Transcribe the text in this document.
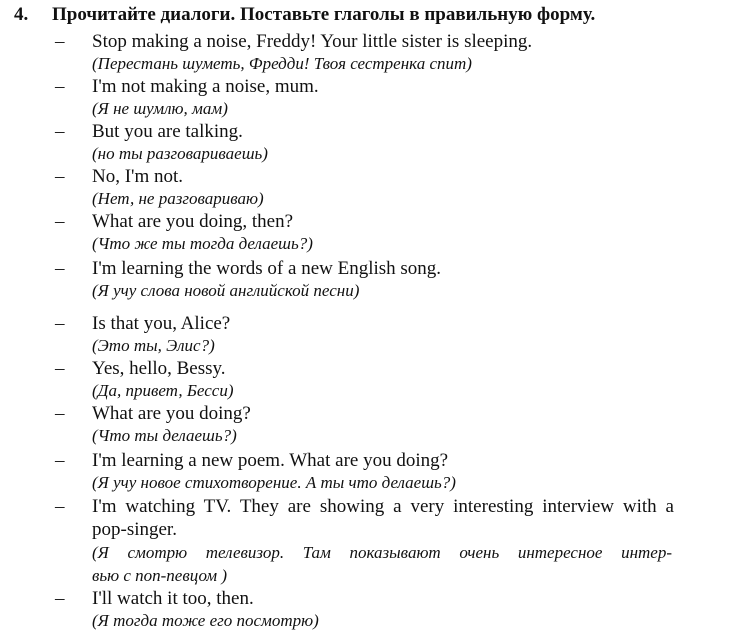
4. Прочитайте диалоги. Поставьте глаголы в правильную форму.
– Stop making a noise, Freddy! Your little sister is sleeping.
(Перестань шуметь, Фредди! Твоя сестренка спит)
– I'm not making a noise, mum.
(Я не шумлю, мам)
– But you are talking.
(но ты разговариваешь)
– No, I'm not.
(Нет, не разговариваю)
– What are you doing, then?
(Что же ты тогда делаешь?)
– I'm learning the words of a new English song.
(Я учу слова новой английской песни)
– Is that you, Alice?
(Это ты, Элис?)
– Yes, hello, Bessy.
(Да, привет, Бесси)
– What are you doing?
(Что ты делаешь?)
– I'm learning a new poem. What are you doing?
(Я учу новое стихотворение. А ты что делаешь?)
– I'm watching TV. They are showing a very interesting interview with a
pop-singer.
(Я смотрю телевизор. Там показывают очень интересное интер-
вью с поп-певцом )
– I'll watch it too, then.
(Я тогда тоже его посмотрю)
